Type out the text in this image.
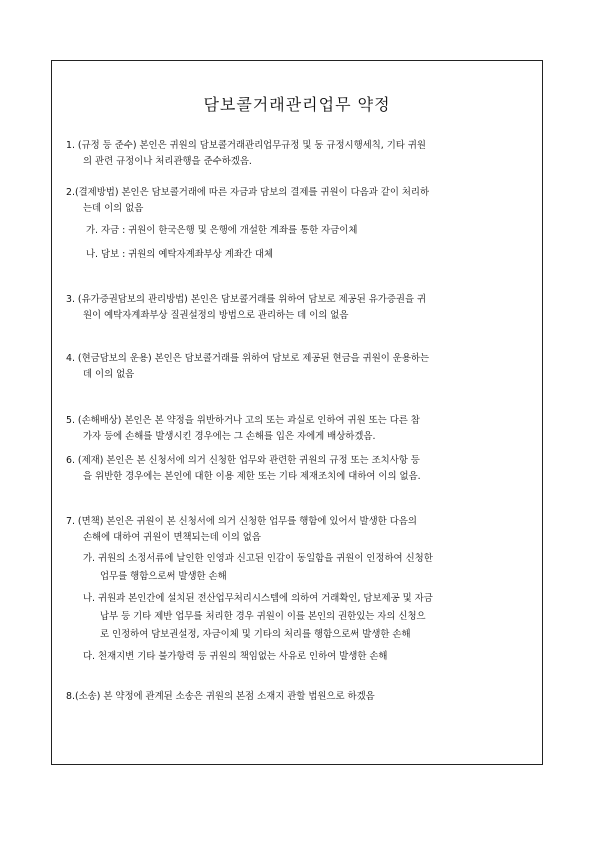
담보콜거래관리업무 약정
1. (규정 등 준수) 본인은 귀원의 담보콜거래관리업무규정 및 동 규정시행세칙, 기타 귀원
의 관련 규정이나 처리관행을 준수하겠음.
2.(결제방법) 본인은 담보콜거래에 따른 자금과 담보의 결제를 귀원이 다음과 같이 처리하
는데 이의 없음
가. 자금 : 귀원이 한국은행 및 은행에 개설한 계좌를 통한 자금이체
나. 담보 : 귀원의 예탁자계좌부상 계좌간 대체
3. (유가증권담보의 관리방법) 본인은 담보콜거래를 위하여 담보로 제공된 유가증권을 귀
원이 예탁자계좌부상 질권설정의 방법으로 관리하는 데 이의 없음
4. (현금담보의 운용) 본인은 담보콜거래를 위하여 담보로 제공된 현금을 귀원이 운용하는
데 이의 없음
5. (손해배상) 본인은 본 약정을 위반하거나 고의 또는 과실로 인하여 귀원 또는 다른 참
가자 등에 손해를 발생시킨 경우에는 그 손해를 입은 자에게 배상하겠음.
6. (제재) 본인은 본 신청서에 의거 신청한 업무와 관련한 귀원의 규정 또는 조치사항 등
을 위반한 경우에는 본인에 대한 이용 제한 또는 기타 제재조치에 대하여 이의 없음.
7. (면책) 본인은 귀원이 본 신청서에 의거 신청한 업무를 행함에 있어서 발생한 다음의
손해에 대하여 귀원이 면책되는데 이의 없음
가. 귀원의 소정서류에 날인한 인영과 신고된 인감이 동일함을 귀원이 인정하여 신청한
업무를 행함으로써 발생한 손해
나. 귀원과 본인간에 설치된 전산업무처리시스템에 의하여 거래확인, 담보제공 및 자금
납부 등 기타 제반 업무를 처리한 경우 귀원이 이를 본인의 권한있는 자의 신청으
로 인정하여 담보권설정, 자금이체 및 기타의 처리를 행함으로써 발생한 손해
다. 천재지변 기타 불가항력 등 귀원의 책임없는 사유로 인하여 발생한 손해
8.(소송) 본 약정에 관계된 소송은 귀원의 본점 소재지 관할 법원으로 하겠음
